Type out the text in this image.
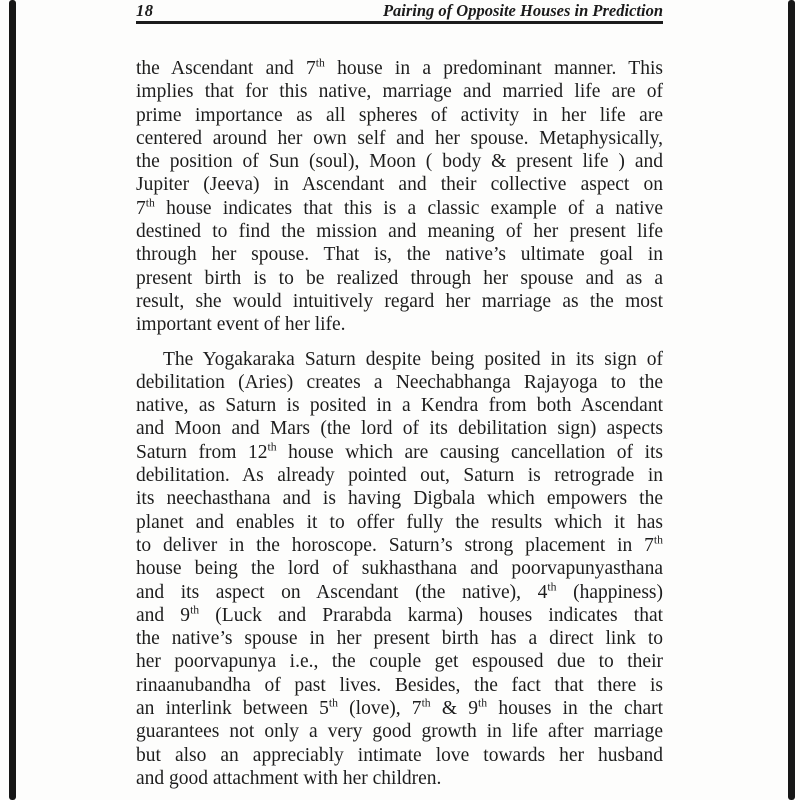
18	Pairing of Opposite Houses in Prediction
the Ascendant and 7th house in a predominant manner. This
implies that for this native, marriage and married life are of
prime importance as all spheres of activity in her life are
centered around her own self and her spouse. Metaphysically,
the position of Sun (soul), Moon ( body & present life ) and
Jupiter (Jeeva) in Ascendant and their collective aspect on
7th house indicates that this is a classic example of a native
destined to find the mission and meaning of her present life
through her spouse. That is, the native’s ultimate goal in
present birth is to be realized through her spouse and as a
result, she would intuitively regard her marriage as the most
important event of her life.
The Yogakaraka Saturn despite being posited in its sign of
debilitation (Aries) creates a Neechabhanga Rajayoga to the
native, as Saturn is posited in a Kendra from both Ascendant
and Moon and Mars (the lord of its debilitation sign) aspects
Saturn from 12th house which are causing cancellation of its
debilitation. As already pointed out, Saturn is retrograde in
its neechasthana and is having Digbala which empowers the
planet and enables it to offer fully the results which it has
to deliver in the horoscope. Saturn’s strong placement in 7th
house being the lord of sukhasthana and poorvapunyasthana
and its aspect on Ascendant (the native), 4th (happiness)
and 9th (Luck and Prarabda karma) houses indicates that
the native’s spouse in her present birth has a direct link to
her poorvapunya i.e., the couple get espoused due to their
rinaanubandha of past lives. Besides, the fact that there is
an interlink between 5th (love), 7th & 9th houses in the chart
guarantees not only a very good growth in life after marriage
but also an appreciably intimate love towards her husband
and good attachment with her children.
